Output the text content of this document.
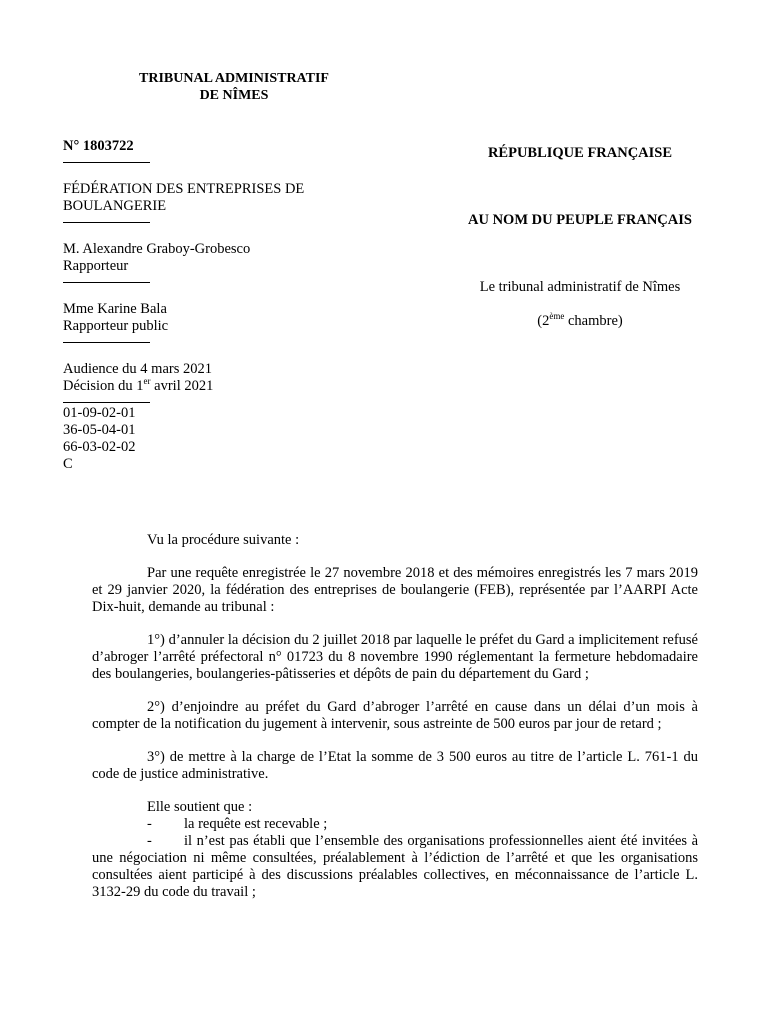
TRIBUNAL ADMINISTRATIF
DE NÎMES
N° 1803722
FÉDÉRATION DES ENTREPRISES DE
BOULANGERIE
M. Alexandre Graboy-Grobesco
Rapporteur
Mme Karine Bala
Rapporteur public
Audience du 4 mars 2021
Décision du 1er avril 2021
01-09-02-01
36-05-04-01
66-03-02-02
C
RÉPUBLIQUE FRANÇAISE
AU NOM DU PEUPLE FRANÇAIS
Le tribunal administratif de Nîmes
(2ème chambre)

Vu la procédure suivante :

Par une requête enregistrée le 27 novembre 2018 et des mémoires enregistrés les 7 mars 2019 et 29 janvier 2020, la fédération des entreprises de boulangerie (FEB), représentée par l’AARPI Acte Dix-huit, demande au tribunal :

1°) d’annuler la décision du 2 juillet 2018 par laquelle le préfet du Gard a implicitement refusé d’abroger l’arrêté préfectoral n° 01723 du 8 novembre 1990 réglementant la fermeture hebdomadaire des boulangeries, boulangeries-pâtisseries et dépôts de pain du département du Gard ;

2°) d’enjoindre au préfet du Gard d’abroger l’arrêté en cause dans un délai d’un mois à compter de la notification du jugement à intervenir, sous astreinte de 500 euros par jour de retard ;

3°) de mettre à la charge de l’Etat la somme de 3 500 euros au titre de l’article L. 761-1 du code de justice administrative.

Elle soutient que :

-	la requête est recevable ;
- il n’est pas établi que l’ensemble des organisations professionnelles aient été invitées à une négociation ni même consultées, préalablement à l’édiction de l’arrêté et que les organisations consultées aient participé à des discussions préalables collectives, en méconnaissance de l’article L. 3132-29 du code du travail ;
